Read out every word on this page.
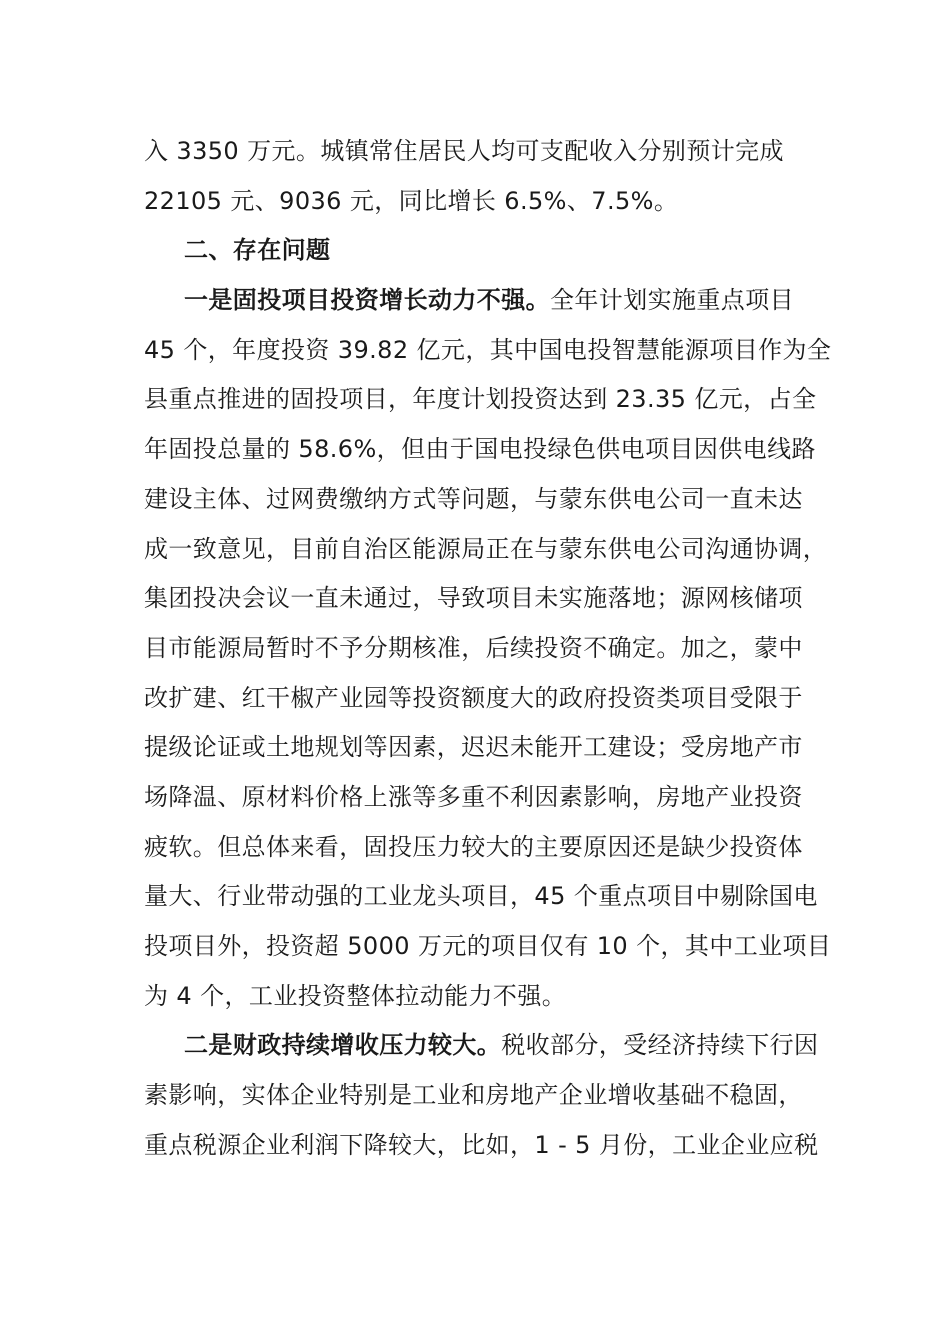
入 3350 万元。城镇常住居民人均可支配收入分别预计完成
22105 元、9036 元，同比增长 6.5%、7.5%。
二、存在问题
一是固投项目投资增长动力不强。全年计划实施重点项目
45 个，年度投资 39.82 亿元，其中国电投智慧能源项目作为全
县重点推进的固投项目，年度计划投资达到 23.35 亿元，占全
年固投总量的 58.6%，但由于国电投绿色供电项目因供电线路
建设主体、过网费缴纳方式等问题，与蒙东供电公司一直未达
成一致意见，目前自治区能源局正在与蒙东供电公司沟通协调，
集团投决会议一直未通过，导致项目未实施落地；源网核储项
目市能源局暂时不予分期核准，后续投资不确定。加之，蒙中
改扩建、红干椒产业园等投资额度大的政府投资类项目受限于
提级论证或土地规划等因素，迟迟未能开工建设；受房地产市
场降温、原材料价格上涨等多重不利因素影响，房地产业投资
疲软。但总体来看，固投压力较大的主要原因还是缺少投资体
量大、行业带动强的工业龙头项目，45 个重点项目中剔除国电
投项目外，投资超 5000 万元的项目仅有 10 个，其中工业项目
为 4 个，工业投资整体拉动能力不强。
二是财政持续增收压力较大。税收部分，受经济持续下行因
素影响，实体企业特别是工业和房地产企业增收基础不稳固，
重点税源企业利润下降较大，比如，1 - 5 月份，工业企业应税
